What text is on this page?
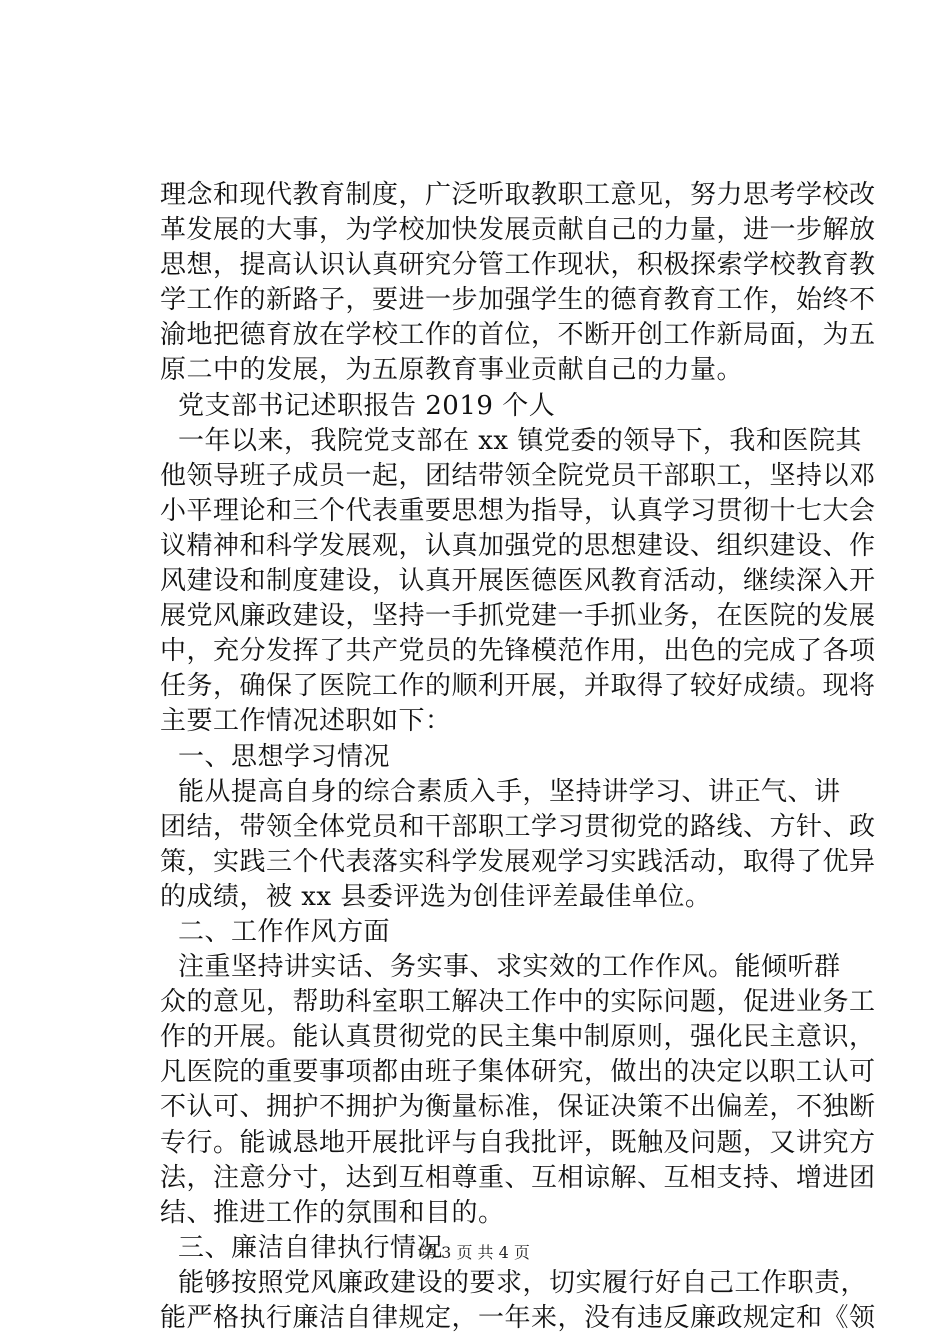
理念和现代教育制度，广泛听取教职工意见，努力思考学校改
革发展的大事，为学校加快发展贡献自己的力量，进一步解放
思想，提高认识认真研究分管工作现状，积极探索学校教育教
学工作的新路子，要进一步加强学生的德育教育工作，始终不
渝地把德育放在学校工作的首位，不断开创工作新局面，为五
原二中的发展，为五原教育事业贡献自己的力量。
党支部书记述职报告 2019 个人
一年以来，我院党支部在 xx 镇党委的领导下，我和医院其
他领导班子成员一起，团结带领全院党员干部职工，坚持以邓
小平理论和三个代表重要思想为指导，认真学习贯彻十七大会
议精神和科学发展观，认真加强党的思想建设、组织建设、作
风建设和制度建设，认真开展医德医风教育活动，继续深入开
展党风廉政建设，坚持一手抓党建一手抓业务，在医院的发展
中，充分发挥了共产党员的先锋模范作用，出色的完成了各项
任务，确保了医院工作的顺利开展，并取得了较好成绩。现将
主要工作情况述职如下：
一、思想学习情况
能从提高自身的综合素质入手，坚持讲学习、讲正气、讲
团结，带领全体党员和干部职工学习贯彻党的路线、方针、政
策，实践三个代表落实科学发展观学习实践活动，取得了优异
的成绩，被 xx 县委评选为创佳评差最佳单位。
二、工作作风方面
注重坚持讲实话、务实事、求实效的工作作风。能倾听群
众的意见，帮助科室职工解决工作中的实际问题，促进业务工
作的开展。能认真贯彻党的民主集中制原则，强化民主意识，
凡医院的重要事项都由班子集体研究，做出的决定以职工认可
不认可、拥护不拥护为衡量标准，保证决策不出偏差，不独断
专行。能诚恳地开展批评与自我批评，既触及问题，又讲究方
法，注意分寸，达到互相尊重、互相谅解、互相支持、增进团
结、推进工作的氛围和目的。
三、廉洁自律执行情况
能够按照党风廉政建设的要求，切实履行好自己工作职责，
能严格执行廉洁自律规定，一年来，没有违反廉政规定和《领
第 3 页 共 4 页
